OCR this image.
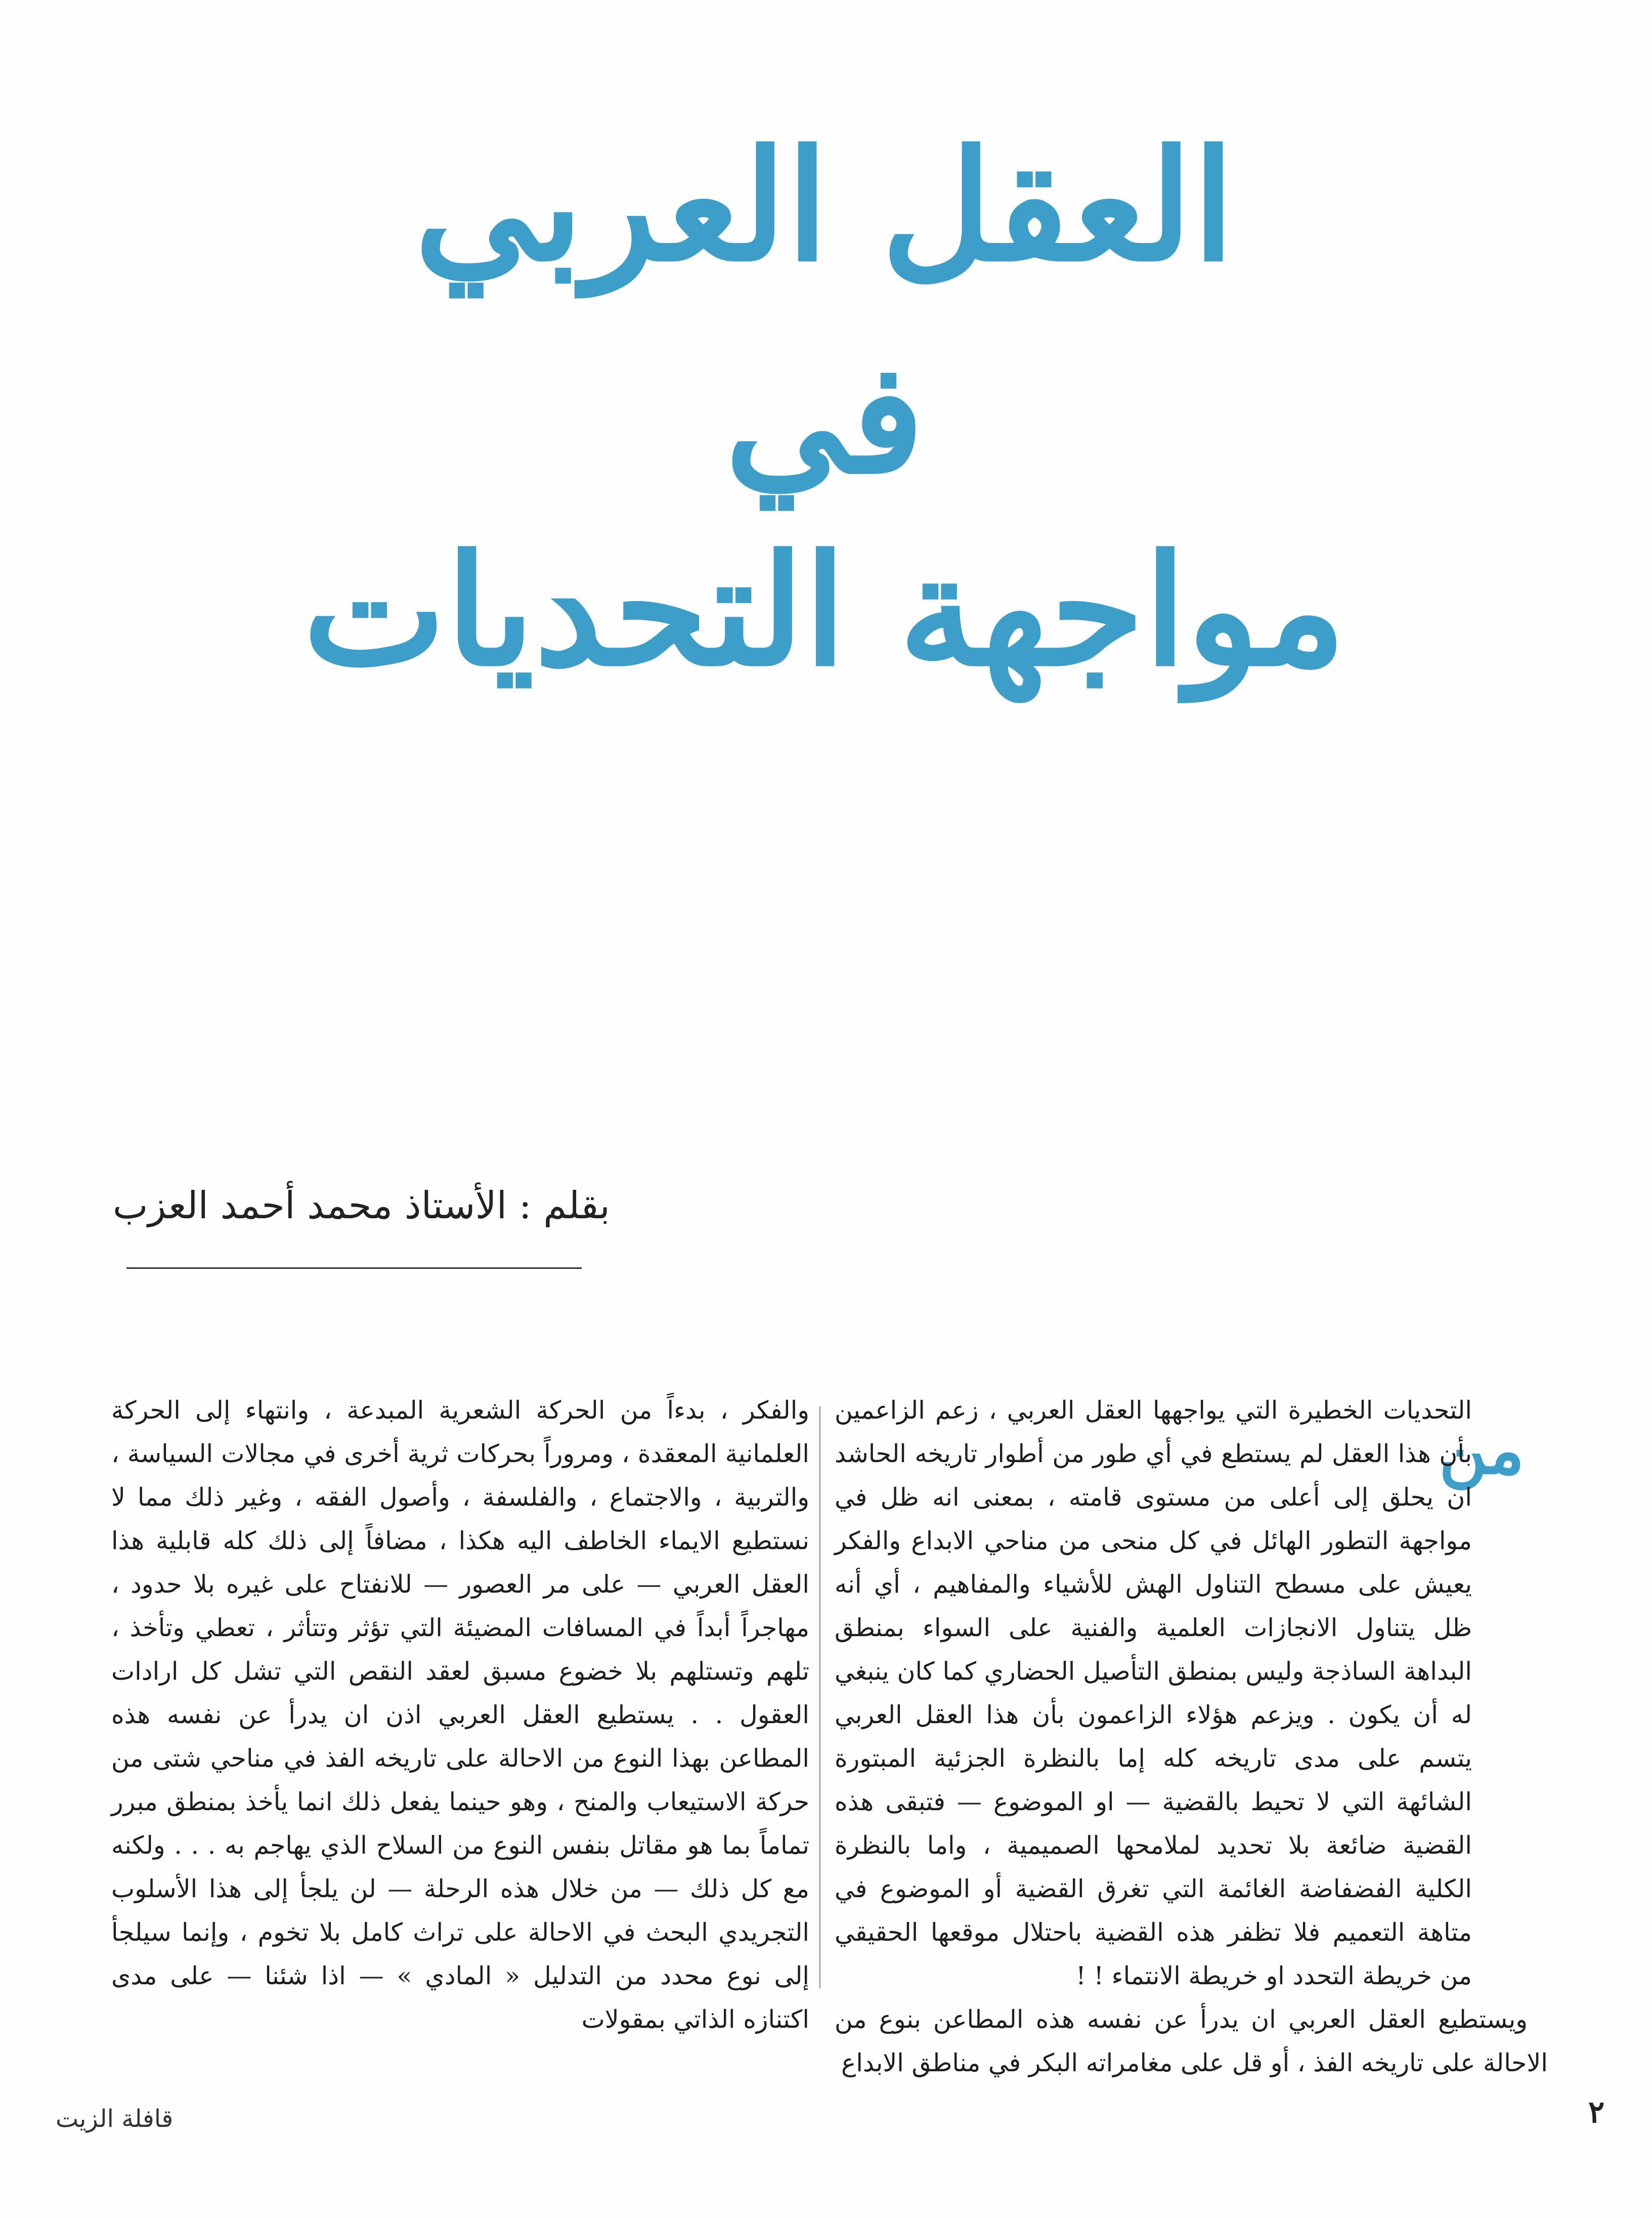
العقل العربي
في
مواجهة التحديات
بقلم : الأستاذ محمد أحمد العزب
من

التحديات الخطيرة التي يواجهها العقل العربي ، زعم الزاعمين بأن هذا العقل لم يستطع في أي طور من أطوار تاريخه الحاشد ان يحلق إلى أعلى من مستوى قامته ، بمعنى انه ظل في مواجهة التطور الهائل في كل منحى من مناحي الابداع والفكر يعيش على مسطح التناول الهش للأشياء والمفاهيم ، أي أنه ظل يتناول الانجازات العلمية والفنية على السواء بمنطق البداهة الساذجة وليس بمنطق التأصيل الحضاري كما كان ينبغي له أن يكون . ويزعم هؤلاء الزاعمون بأن هذا العقل العربي يتسم على مدى تاريخه كله إما بالنظرة الجزئية المبتورة الشائهة التي لا تحيط بالقضية — او الموضوع — فتبقى هذه القضية ضائعة بلا تحديد لملامحها الصميمية ، واما بالنظرة الكلية الفضفاضة الغائمة التي تغرق القضية أو الموضوع في متاهة التعميم فلا تظفر هذه القضية باحتلال موقعها الحقيقي من خريطة التحدد او خريطة الانتماء ! !

ويستطيع العقل العربي ان يدرأ عن نفسه هذه المطاعن بنوع من الاحالة على تاريخه الفذ ، أو قل على مغامراته البكر في مناطق الابداع

والفكر ، بدءاً من الحركة الشعرية المبدعة ، وانتهاء إلى الحركة العلمانية المعقدة ، ومروراً بحركات ثرية أخرى في مجالات السياسة ، والتربية ، والاجتماع ، والفلسفة ، وأصول الفقه ، وغير ذلك مما لا نستطيع الايماء الخاطف اليه هكذا ، مضافاً إلى ذلك كله قابلية هذا العقل العربي — على مر العصور — للانفتاح على غيره بلا حدود ، مهاجراً أبداً في المسافات المضيئة التي تؤثر وتتأثر ، تعطي وتأخذ ، تلهم وتستلهم بلا خضوع مسبق لعقد النقص التي تشل كل ارادات العقول . . يستطيع العقل العربي اذن ان يدرأ عن نفسه هذه المطاعن بهذا النوع من الاحالة على تاريخه الفذ في مناحي شتى من حركة الاستيعاب والمنح ، وهو حينما يفعل ذلك انما يأخذ بمنطق مبرر تماماً بما هو مقاتل بنفس النوع من السلاح الذي يهاجم به . . . ولكنه مع كل ذلك — من خلال هذه الرحلة — لن يلجأ إلى هذا الأسلوب التجريدي البحث في الاحالة على تراث كامل بلا تخوم ، وإنما سيلجأ إلى نوع محدد من التدليل « المادي » — اذا شئنا — على مدى اكتنازه الذاتي بمقولات

قافلة الزيت	٢
